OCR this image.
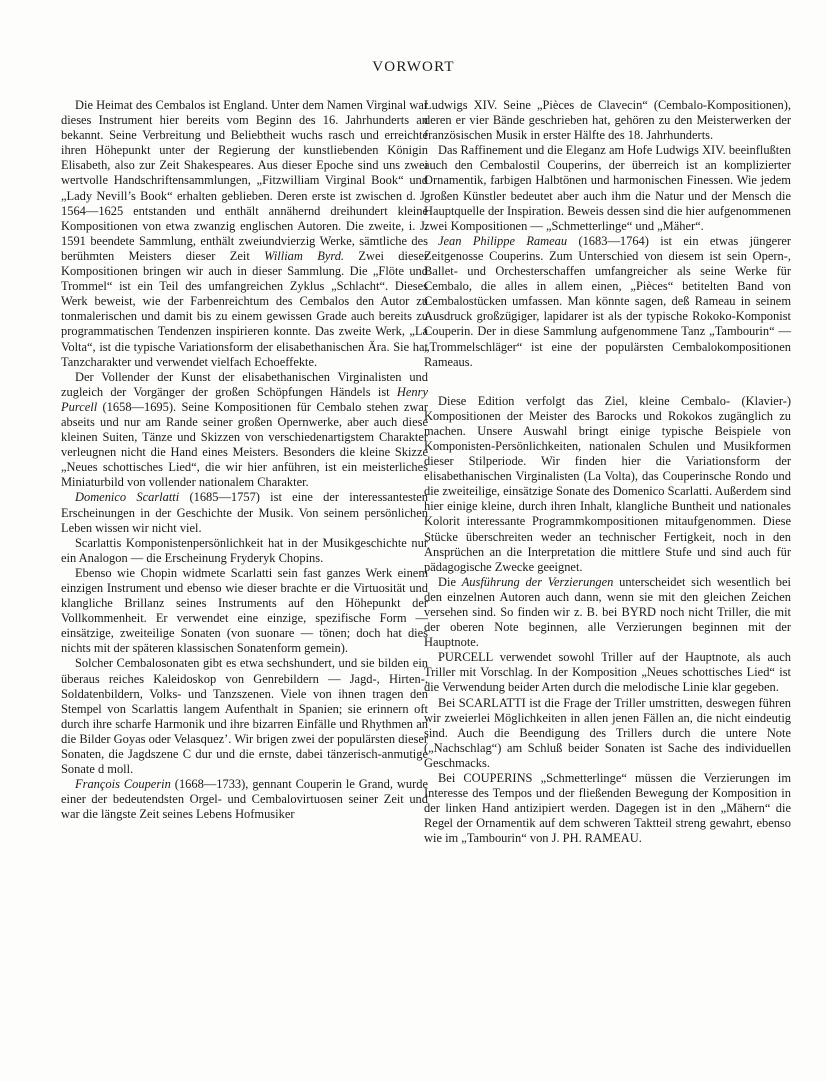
VORWORT

Die Heimat des Cembalos ist England. Unter dem Namen Virginal war dieses Instrument hier bereits vom Beginn des 16. Jahrhunderts an bekannt. Seine Verbreitung und Beliebtheit wuchs rasch und erreichte ihren Höhepunkt unter der Regierung der kunstliebenden Königin Elisabeth, also zur Zeit Shakespeares. Aus dieser Epoche sind uns zwei wertvolle Handschriftensammlungen, „Fitzwilliam Virginal Book“ und „Lady Nevill’s Book“ erhalten geblieben. Deren erste ist zwischen d. J. 1564—1625 entstanden und enthält annähernd dreihundert kleine Kompositionen von etwa zwanzig englischen Autoren. Die zweite, i. J. 1591 beendete Sammlung, enthält zweiundvierzig Werke, sämtliche des berühmten Meisters dieser Zeit William Byrd. Zwei dieser Kompositionen bringen wir auch in dieser Sammlung. Die „Flöte und Trommel“ ist ein Teil des umfangreichen Zyklus „Schlacht“. Dieses Werk beweist, wie der Farbenreichtum des Cembalos den Autor zu tonmalerischen und damit bis zu einem gewissen Grade auch bereits zu programmatischen Tendenzen inspirieren konnte. Das zweite Werk, „La Volta“, ist die typische Variationsform der elisabethanischen Ära. Sie hat Tanzcharakter und verwendet vielfach Echoeffekte.

Der Vollender der Kunst der elisabethanischen Virginalisten und zugleich der Vorgänger der großen Schöpfungen Händels ist Henry Purcell (1658—1695). Seine Kompositionen für Cembalo stehen zwar abseits und nur am Rande seiner großen Opernwerke, aber auch diese kleinen Suiten, Tänze und Skizzen von verschiedenartigstem Charakter verleugnen nicht die Hand eines Meisters. Besonders die kleine Skizze „Neues schottisches Lied“, die wir hier anführen, ist ein meisterliches Miniaturbild von vollender nationalem Charakter.

Domenico Scarlatti (1685—1757) ist eine der interessantesten Erscheinungen in der Geschichte der Musik. Von seinem persönlichen Leben wissen wir nicht viel.

Scarlattis Komponistenpersönlichkeit hat in der Musikgeschichte nur ein Analogon — die Erscheinung Fryderyk Chopins.

Ebenso wie Chopin widmete Scarlatti sein fast ganzes Werk einem einzigen Instrument und ebenso wie dieser brachte er die Virtuosität und klangliche Brillanz seines Instruments auf den Höhepunkt der Vollkommenheit. Er verwendet eine einzige, spezifische Form — einsätzige, zweiteilige Sonaten (von suonare — tönen; doch hat dies nichts mit der späteren klassischen Sonatenform gemein).

Solcher Cembalosonaten gibt es etwa sechshundert, und sie bilden ein überaus reiches Kaleidoskop von Genrebildern — Jagd-, Hirten-, Soldatenbildern, Volks- und Tanzszenen. Viele von ihnen tragen den Stempel von Scarlattis langem Aufenthalt in Spanien; sie erinnern oft durch ihre scharfe Harmonik und ihre bizarren Einfälle und Rhythmen an die Bilder Goyas oder Velasquez’. Wir brigen zwei der populärsten dieser Sonaten, die Jagdszene C dur und die ernste, dabei tänzerisch-anmutige Sonate d moll.

François Couperin (1668—1733), gennant Couperin le Grand, wurde einer der bedeutendsten Orgel- und Cembalovirtuosen seiner Zeit und war die längste Zeit seines Lebens Hofmusiker

Ludwigs XIV. Seine „Pièces de Clavecin“ (Cembalo-Kompositionen), deren er vier Bände geschrieben hat, gehören zu den Meisterwerken der französischen Musik in erster Hälfte des 18. Jahrhunderts.

Das Raffinement und die Eleganz am Hofe Ludwigs XIV. beeinflußten auch den Cembalostil Couperins, der überreich ist an komplizierter Ornamentik, farbigen Halbtönen und harmonischen Finessen. Wie jedem großen Künstler bedeutet aber auch ihm die Natur und der Mensch die Hauptquelle der Inspiration. Beweis dessen sind die hier aufgenommenen zwei Kompositionen — „Schmetterlinge“ und „Mäher“.

Jean Philippe Rameau (1683—1764) ist ein etwas jüngerer Zeitgenosse Couperins. Zum Unterschied von diesem ist sein Opern-, Ballet- und Orchesterschaffen umfangreicher als seine Werke für Cembalo, die alles in allem einen, „Pièces“ betitelten Band von Cembalostücken umfassen. Man könnte sagen, deß Rameau in seinem Ausdruck großzügiger, lapidarer ist als der typische Rokoko-Komponist Couperin. Der in diese Sammlung aufgenommene Tanz „Tambourin“ — „Trommelschläger“ ist eine der populärsten Cembalokompositionen Rameaus.

Diese Edition verfolgt das Ziel, kleine Cembalo- (Klavier-) Kompositionen der Meister des Barocks und Rokokos zugänglich zu machen. Unsere Auswahl bringt einige typische Beispiele von Komponisten-Persönlichkeiten, nationalen Schulen und Musikformen dieser Stilperiode. Wir finden hier die Variationsform der elisabethanischen Virginalisten (La Volta), das Couperinsche Rondo und die zweiteilige, einsätzige Sonate des Domenico Scarlatti. Außerdem sind hier einige kleine, durch ihren Inhalt, klangliche Buntheit und nationales Kolorit interessante Programmkompositionen mitaufgenommen. Diese Stücke überschreiten weder an technischer Fertigkeit, noch in den Ansprüchen an die Interpretation die mittlere Stufe und sind auch für pädagogische Zwecke geeignet.

Die Ausführung der Verzierungen unterscheidet sich wesentlich bei den einzelnen Autoren auch dann, wenn sie mit den gleichen Zeichen versehen sind. So finden wir z. B. bei BYRD noch nicht Triller, die mit der oberen Note beginnen, alle Verzierungen beginnen mit der Hauptnote.

PURCELL verwendet sowohl Triller auf der Hauptnote, als auch Triller mit Vorschlag. In der Komposition „Neues schottisches Lied“ ist die Verwendung beider Arten durch die melodische Linie klar gegeben.

Bei SCARLATTI ist die Frage der Triller umstritten, deswegen führen wir zweierlei Möglichkeiten in allen jenen Fällen an, die nicht eindeutig sind. Auch die Beendigung des Trillers durch die untere Note („Nachschlag“) am Schluß beider Sonaten ist Sache des individuellen Geschmacks.

Bei COUPERINS „Schmetterlinge“ müssen die Verzierungen im Interesse des Tempos und der fließenden Bewegung der Komposition in der linken Hand antizipiert werden. Dagegen ist in den „Mähern“ die Regel der Ornamentik auf dem schweren Taktteil streng gewahrt, ebenso wie im „Tambourin“ von J. PH. RAMEAU.
